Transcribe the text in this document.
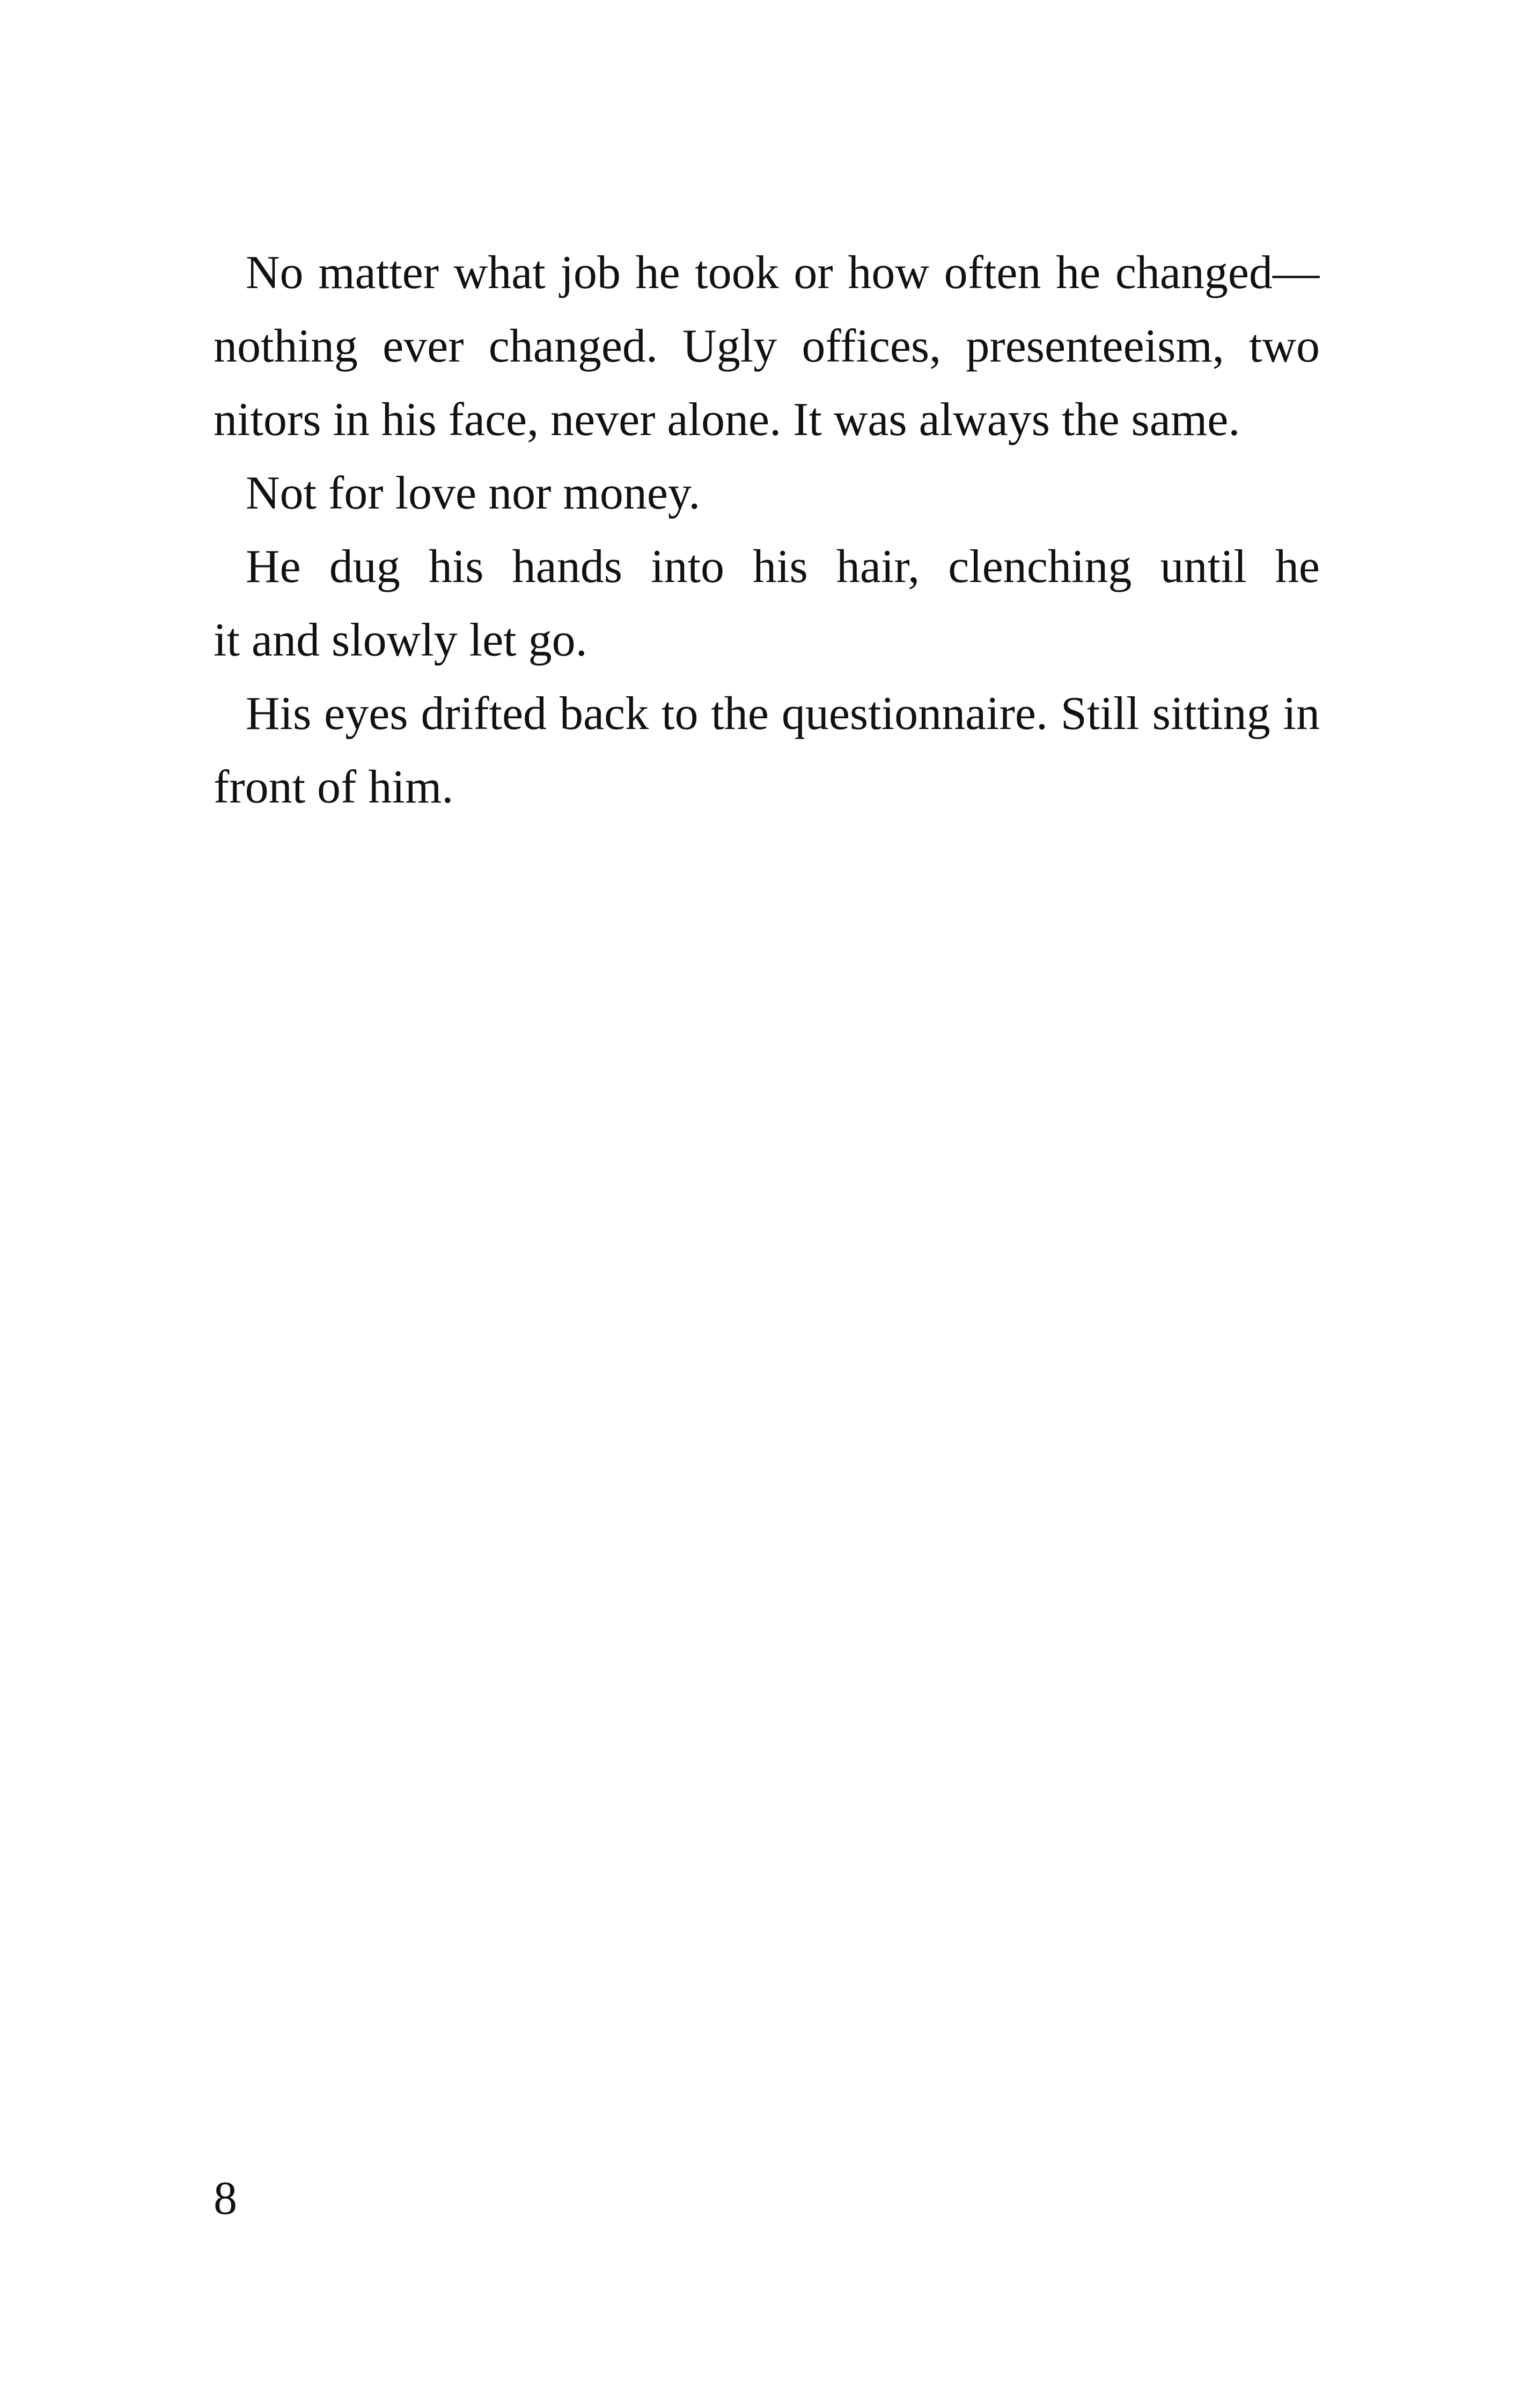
No matter what job he took or how often he changed—
nothing ever changed. Ugly offices, presenteeism, two
nitors in his face, never alone. It was always the same.
Not for love nor money.
He dug his hands into his hair, clenching until he
it and slowly let go.
His eyes drifted back to the questionnaire. Still sitting in
front of him.
8
